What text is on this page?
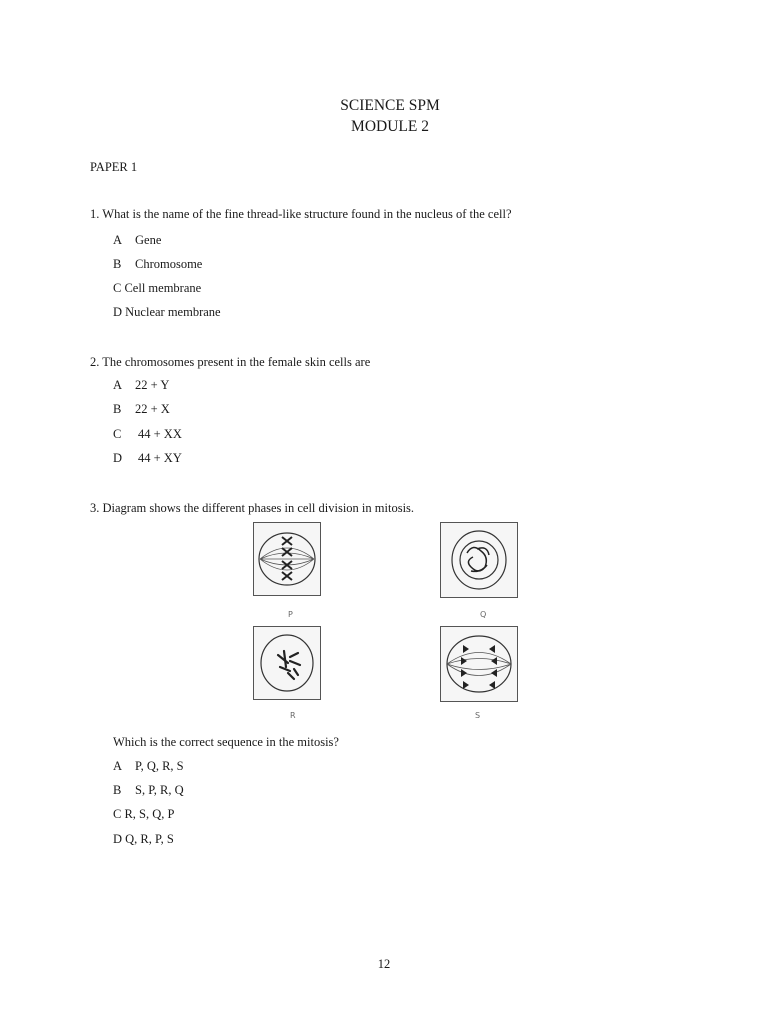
SCIENCE SPM
MODULE 2
PAPER 1
1. What is the name of the fine thread-like structure found in the nucleus of the cell?
A Gene
B Chromosome
C Cell membrane
D Nuclear membrane
2. The chromosomes present in the female skin cells are
A 22 + Y
B 22 + X
C 44 + XX
D 44 + XY
3. Diagram shows the different phases in cell division in mitosis.
P	Q
R	S
Which is the correct sequence in the mitosis?
A P, Q, R, S
B S, P, R, Q
C R, S, Q, P
D Q, R, P, S
12
